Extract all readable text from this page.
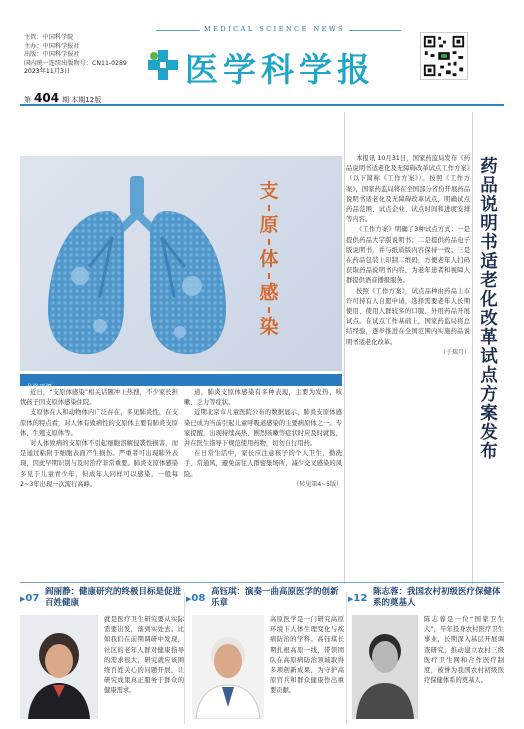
主管：中国科学院
主办：中国科学报社
出版：中国科学报社
国内统一连续出版物号：CN11-0289
2023年11月3日
第 404 期 本期12版
MEDICAL SCIENCE NEWS
医学科学报
支
原
体
感
染
龙涤平摄

近日，“支原体感染”相关话题冲上热搜，不少家长担忧孩子因支原体感染住院。

支原体在人和动物体内广泛存在，多见肺炎性，在支原体的特点看，对人体有致病性的支原体主要有肺炎支原体、生殖支原体等。

对人体致病的支原体不引起细胞溶解侵袭性损害，而是通过粘附于细胞表面产生损伤。严重者可出现肺外表现，因此早期识别与及时治疗非常重要。肺炎支原体感染多见于儿童青少年，但成年人同样可以感染，一般每2~3年出现一次流行高峰。

道，肺炎支原体感染有多种表现，主要为发热、咳嗽、乏力等症状。

近期北京市儿童医院公布的数据显示，肺炎支原体感染已成为当前引起儿童呼吸道感染的主要病原体之一。专家提醒，出现持续高热、剧烈咳嗽等症状时应及时就医，并在医生指导下规范使用药物，切勿自行用药。

在日常生活中，家长应注意孩子的个人卫生，勤洗手、常通风，避免前往人群密集场所，减少交叉感染的风险。

（转见第4~5版）

本报讯 10月31日，国家药监局发布《药品说明书适老化及无障碍改革试点工作方案》（以下简称《工作方案》）。按照《工作方案》，国家药监局将在全国部分省份开展药品说明书适老化及无障碍改革试点，明确试点药品范围、试点企业、试点时间和进度安排等内容。

《工作方案》明确了3种试点方式：一是提供药品大字版说明书；二是提供药品电子版说明书，并与纸质版内容保持一致；三是在药品包装上印制二维码，方便老年人扫码获取药品说明书内容，为老年患者和视障人群提供语音播报服务。

按照《工作方案》，试点品种由药品上市许可持有人自愿申请，选择需要老年人长期使用、使用人群较多的口服、外用药品开展试点。在试点工作基础上，国家药监局将总结经验，逐步推进在全国范围内实施药品说明书适老化改革。

（于瑞月）

药
品
说
明
书
适
老
化
改
革
试
点
方
案
发
布
▶07
阎丽静：健康研究的终极目标是促进百姓健康
就是医疗卫生研究要从实际需要出发，落到实处去。比如我们在前期调研中发现，社区的老年人群对健康指导的需求很大，研究就应该围绕百姓关心的问题开展，让研究成果真正服务于群众的健康需求。
▶08
高钰琪：演奏一曲高原医学的创新乐章
高原医学是一门研究高原环境下人体生理变化与疾病防治的学科。高钰琪长期扎根高原一线，带领团队在高原病防治领域取得多项创新成果，为守护高原官兵和群众健康作出重要贡献。
▶12
陈志蓉：我国农村初级医疗保健体系的奠基人
陈志蓉是一位“国家卫生人”，早年投身农村医疗卫生事业，长期深入基层开展调查研究，推动建立农村三级医疗卫生网和合作医疗制度，被誉为我国农村初级医疗保健体系的奠基人。
